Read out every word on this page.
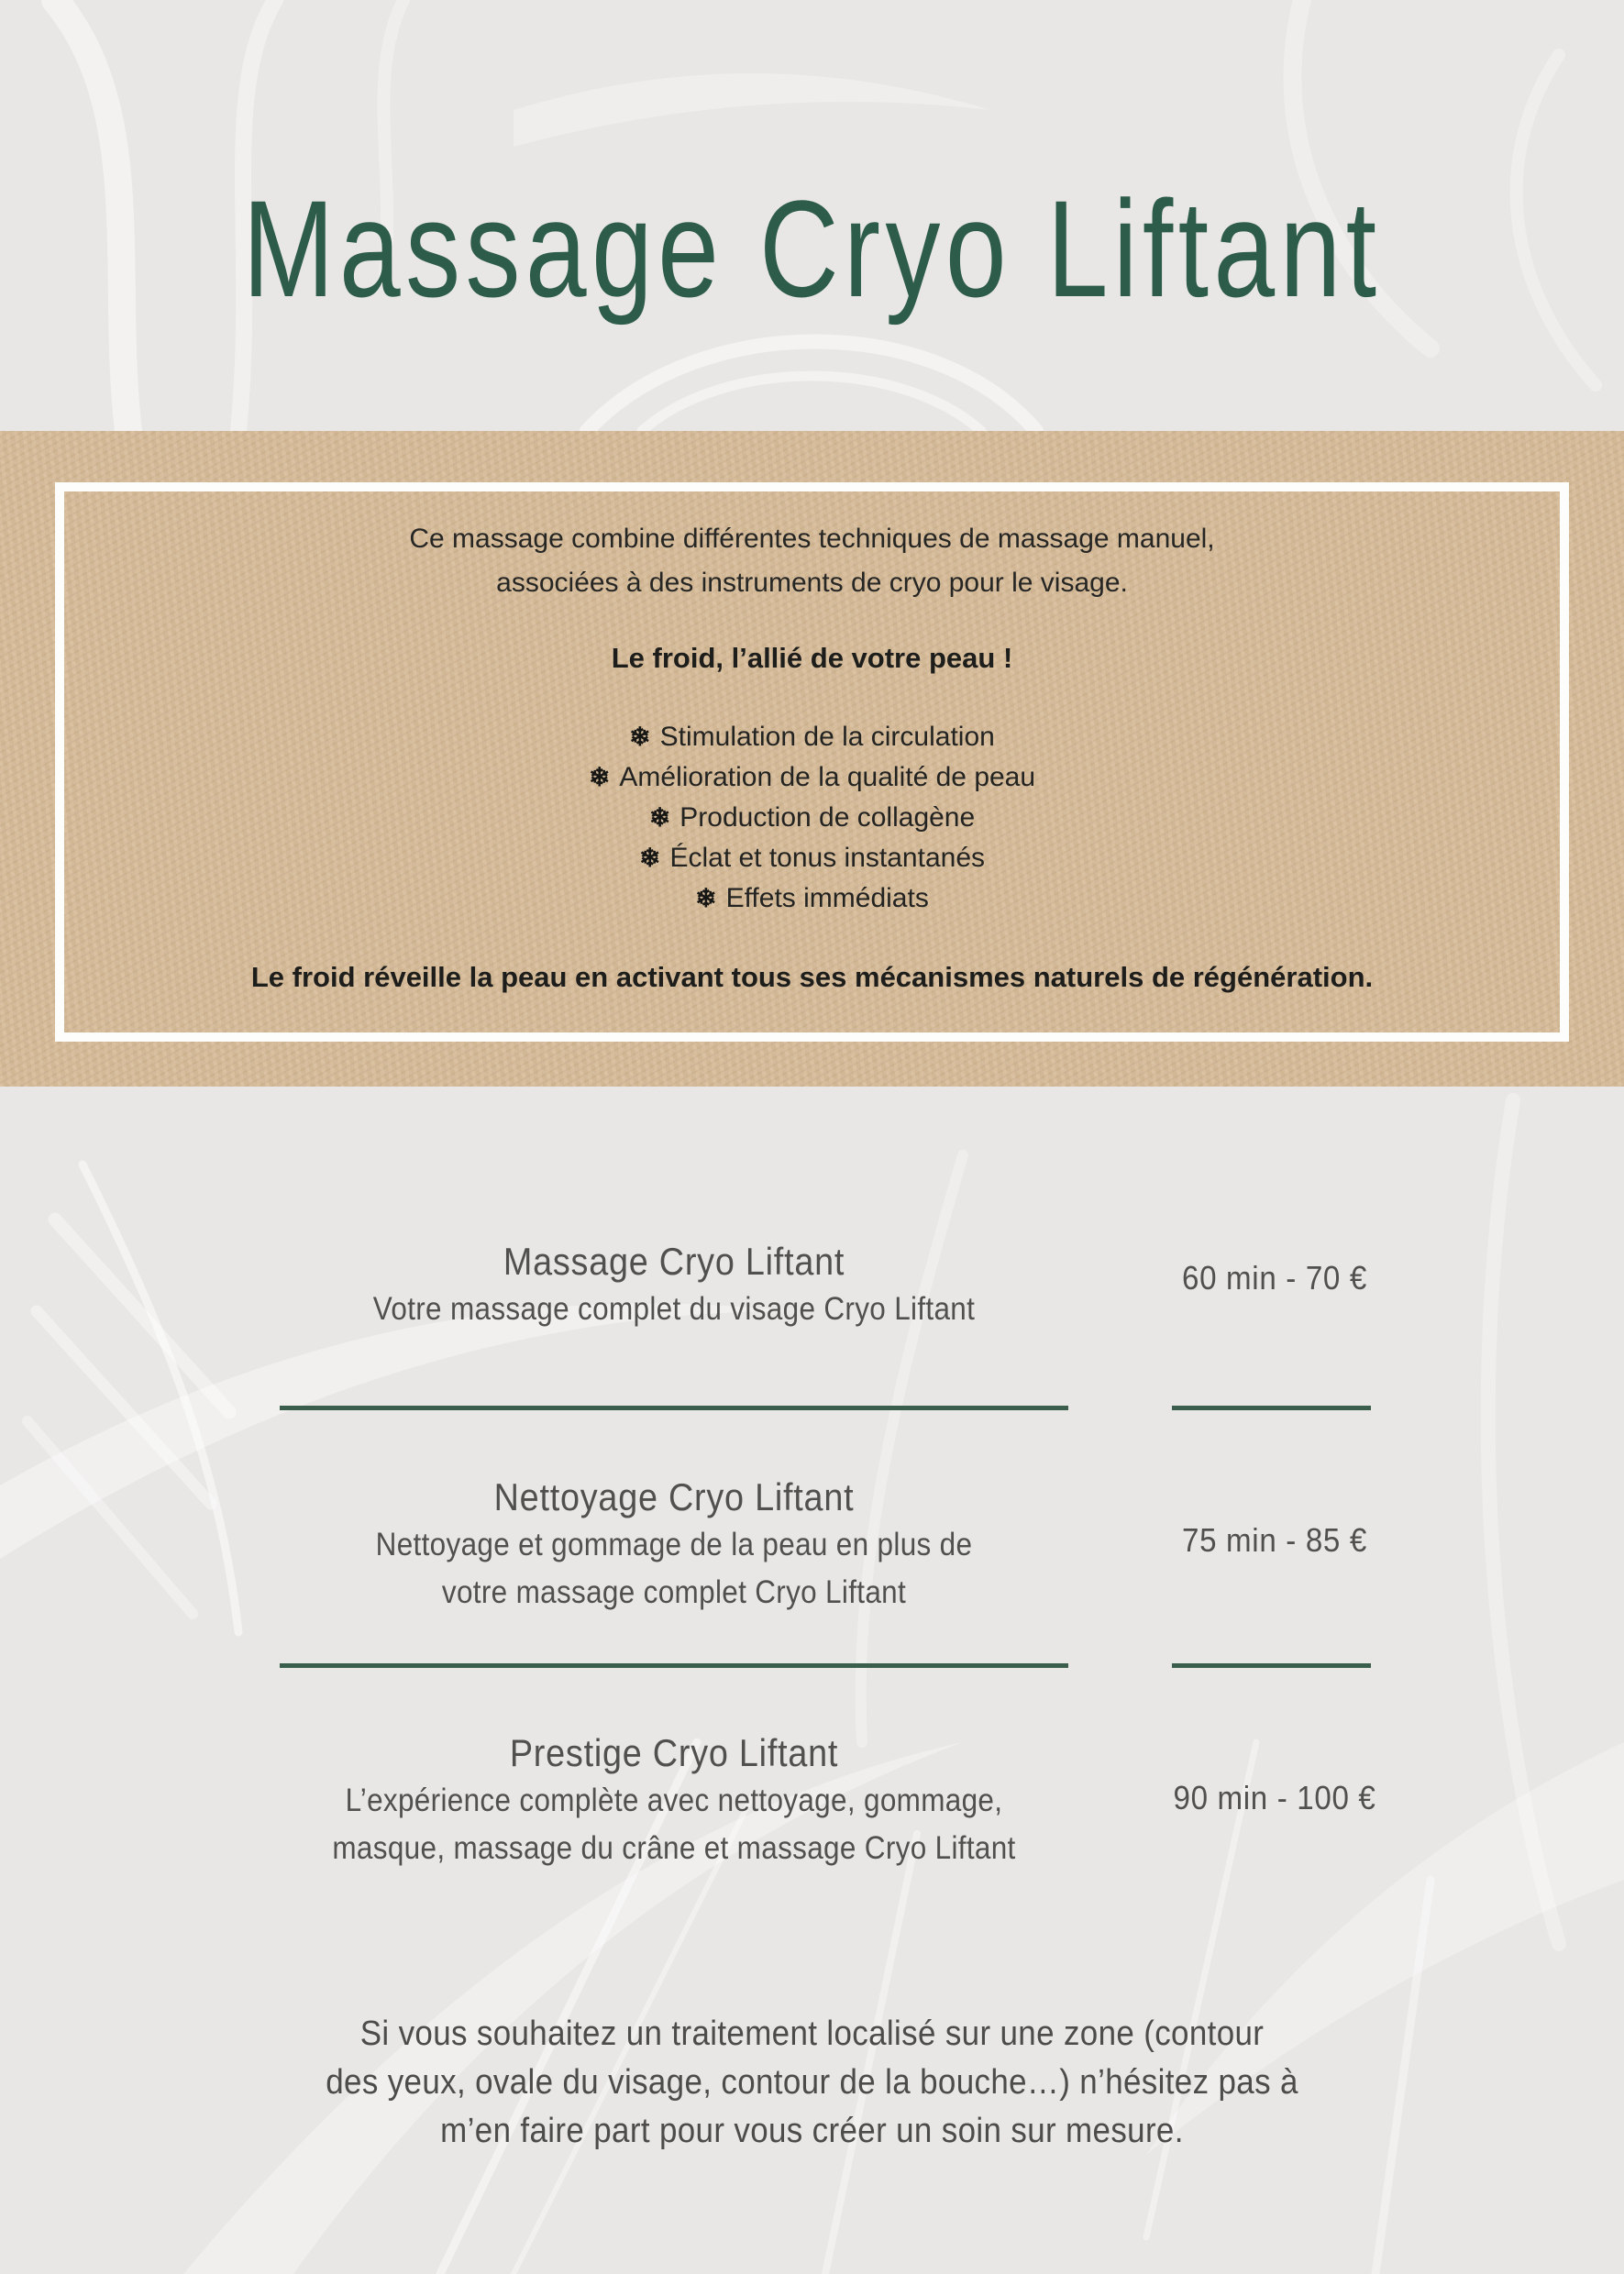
Massage Cryo Liftant
Ce massage combine différentes techniques de massage manuel,
associées à des instruments de cryo pour le visage.
Le froid, l’allié de votre peau !
❄ Stimulation de la circulation
❄ Amélioration de la qualité de peau
❄ Production de collagène
❄ Éclat et tonus instantanés
❄ Effets immédiats
Le froid réveille la peau en activant tous ses mécanismes naturels de régénération.
Massage Cryo Liftant
Votre massage complet du visage Cryo Liftant
60 min - 70 €
Nettoyage Cryo Liftant
Nettoyage et gommage de la peau en plus de
votre massage complet Cryo Liftant
75 min - 85 €
Prestige Cryo Liftant
L’expérience complète avec nettoyage, gommage,
masque, massage du crâne et massage Cryo Liftant
90 min - 100 €
Si vous souhaitez un traitement localisé sur une zone (contour
des yeux, ovale du visage, contour de la bouche…) n’hésitez pas à
m’en faire part pour vous créer un soin sur mesure.
